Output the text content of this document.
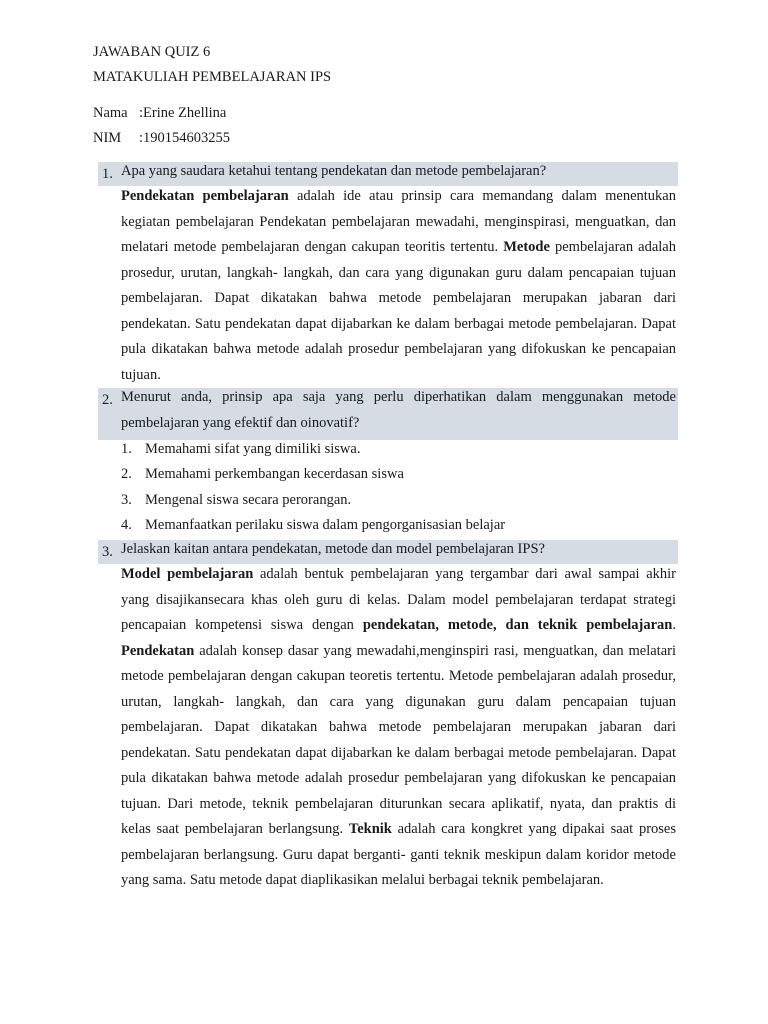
JAWABAN QUIZ 6
MATAKULIAH PEMBELAJARAN IPS
Nama :Erine Zhellina
NIM :190154603255
1. Apa yang saudara ketahui tentang pendekatan dan metode pembelajaran?
Pendekatan pembelajaran adalah ide atau prinsip cara memandang dalam menentukan kegiatan pembelajaran Pendekatan pembelajaran mewadahi, menginspirasi, menguatkan, dan melatari metode pembelajaran dengan cakupan teoritis tertentu. Metode pembelajaran adalah prosedur, urutan, langkah- langkah, dan cara yang digunakan guru dalam pencapaian tujuan pembelajaran. Dapat dikatakan bahwa metode pembelajaran merupakan jabaran dari pendekatan. Satu pendekatan dapat dijabarkan ke dalam berbagai metode pembelajaran. Dapat pula dikatakan bahwa metode adalah prosedur pembelajaran yang difokuskan ke pencapaian tujuan.
2. Menurut anda, prinsip apa saja yang perlu diperhatikan dalam menggunakan metode pembelajaran yang efektif dan oinovatif?
1. Memahami sifat yang dimiliki siswa.
2. Memahami perkembangan kecerdasan siswa
3. Mengenal siswa secara perorangan.
4. Memanfaatkan perilaku siswa dalam pengorganisasian belajar
3. Jelaskan kaitan antara pendekatan, metode dan model pembelajaran IPS?
Model pembelajaran adalah bentuk pembelajaran yang tergambar dari awal sampai akhir yang disajikansecara khas oleh guru di kelas. Dalam model pembelajaran terdapat strategi pencapaian kompetensi siswa dengan pendekatan, metode, dan teknik pembelajaran. Pendekatan adalah konsep dasar yang mewadahi,menginspiri rasi, menguatkan, dan melatari metode pembelajaran dengan cakupan teoretis tertentu. Metode pembelajaran adalah prosedur, urutan, langkah- langkah, dan cara yang digunakan guru dalam pencapaian tujuan pembelajaran. Dapat dikatakan bahwa metode pembelajaran merupakan jabaran dari pendekatan. Satu pendekatan dapat dijabarkan ke dalam berbagai metode pembelajaran. Dapat pula dikatakan bahwa metode adalah prosedur pembelajaran yang difokuskan ke pencapaian tujuan. Dari metode, teknik pembelajaran diturunkan secara aplikatif, nyata, dan praktis di kelas saat pembelajaran berlangsung. Teknik adalah cara kongkret yang dipakai saat proses pembelajaran berlangsung. Guru dapat berganti- ganti teknik meskipun dalam koridor metode yang sama. Satu metode dapat diaplikasikan melalui berbagai teknik pembelajaran.
